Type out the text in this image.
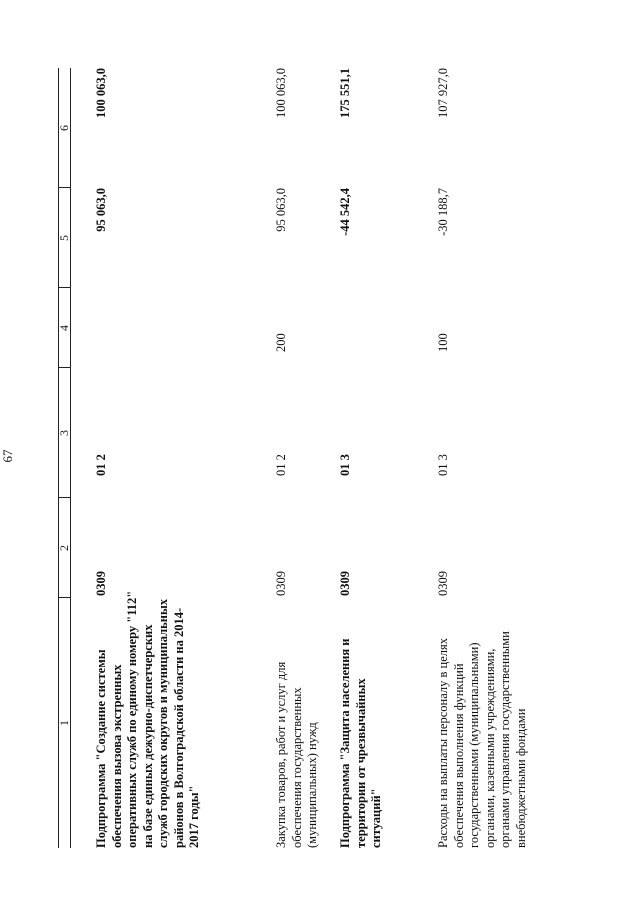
67
1
2
3
4
5
6
Подпрограмма "Создание системы обеспечения вызова экстренных оперативных служб по единому номеру "112" на базе единых дежурно-диспетчерских служб городских округов и муниципальных районов в Волгоградской области на 2014-2017 годы"
0309
01 2
95 063,0
100 063,0
Закупка товаров, работ и услуг для обеспечения государственных (муниципальных) нужд
0309
01 2
200
95 063,0
100 063,0
Подпрограмма "Защита населения и территории от чрезвычайных ситуаций"
0309
01 3
-44 542,4
175 551,1
Расходы на выплаты персоналу в целях обеспечения выполнения функций государственными (муниципальными) органами, казенными учреждениями, органами управления государственными внебюджетными фондами
0309
01 3
100
-30 188,7
107 927,0
